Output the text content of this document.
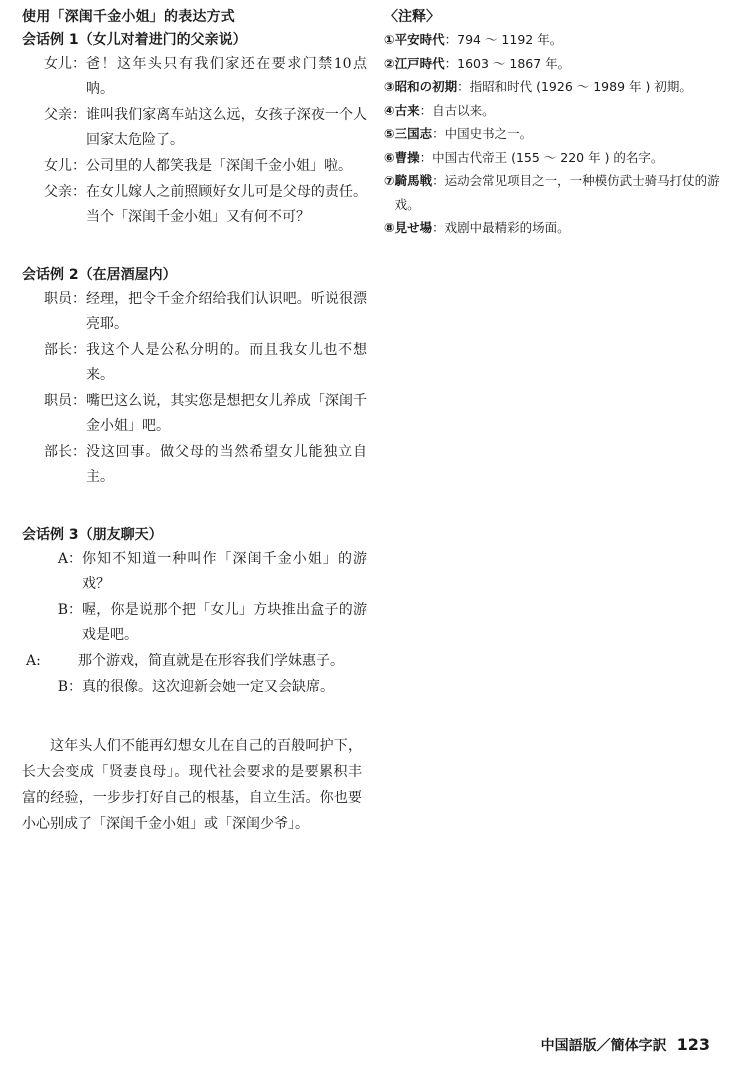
使用「深闺千金小姐」的表达方式

会话例 1（女儿对着进门的父亲说）

女儿： 爸！这年头只有我们家还在要求门禁10点呐。
父亲： 谁叫我们家离车站这么远，女孩子深夜一个人回家太危险了。
女儿： 公司里的人都笑我是「深闺千金小姐」啦。
父亲： 在女儿嫁人之前照顾好女儿可是父母的责任。当个「深闺千金小姐」又有何不可？

会话例 2（在居酒屋内）

职员： 经理，把令千金介绍给我们认识吧。听说很漂亮耶。
部长： 我这个人是公私分明的。而且我女儿也不想来。
职员： 嘴巴这么说，其实您是想把女儿养成「深闺千金小姐」吧。
部长： 没这回事。做父母的当然希望女儿能独立自主。

会话例 3（朋友聊天）

A： 你知不知道一种叫作「深闺千金小姐」的游戏？
B： 喔，你是说那个把「女儿」方块推出盒子的游戏是吧。
A:	那个游戏，简直就是在形容我们学妹惠子。
B： 真的很像。这次迎新会她一定又会缺席。

这年头人们不能再幻想女儿在自己的百般呵护下，长大会变成「贤妻良母」。现代社会要求的是要累积丰富的经验，一步步打好自己的根基，自立生活。你也要小心别成了「深闺千金小姐」或「深闺少爷」。

〈注释〉

① 平安時代：794 ～ 1192 年。
② 江戸時代：1603 ～ 1867 年。
③ 昭和の初期：指昭和时代 (1926 ～ 1989 年 ) 初期。
④ 古来：自古以来。
⑤ 三国志：中国史书之一。
⑥ 曹操：中国古代帝王 (155 ～ 220 年 ) 的名字。
⑦ 騎馬戦：运动会常见项目之一，一种模仿武士骑马打仗的游戏。
⑧ 見せ場：戏剧中最精彩的场面。
中国語版／簡体字訳 123
